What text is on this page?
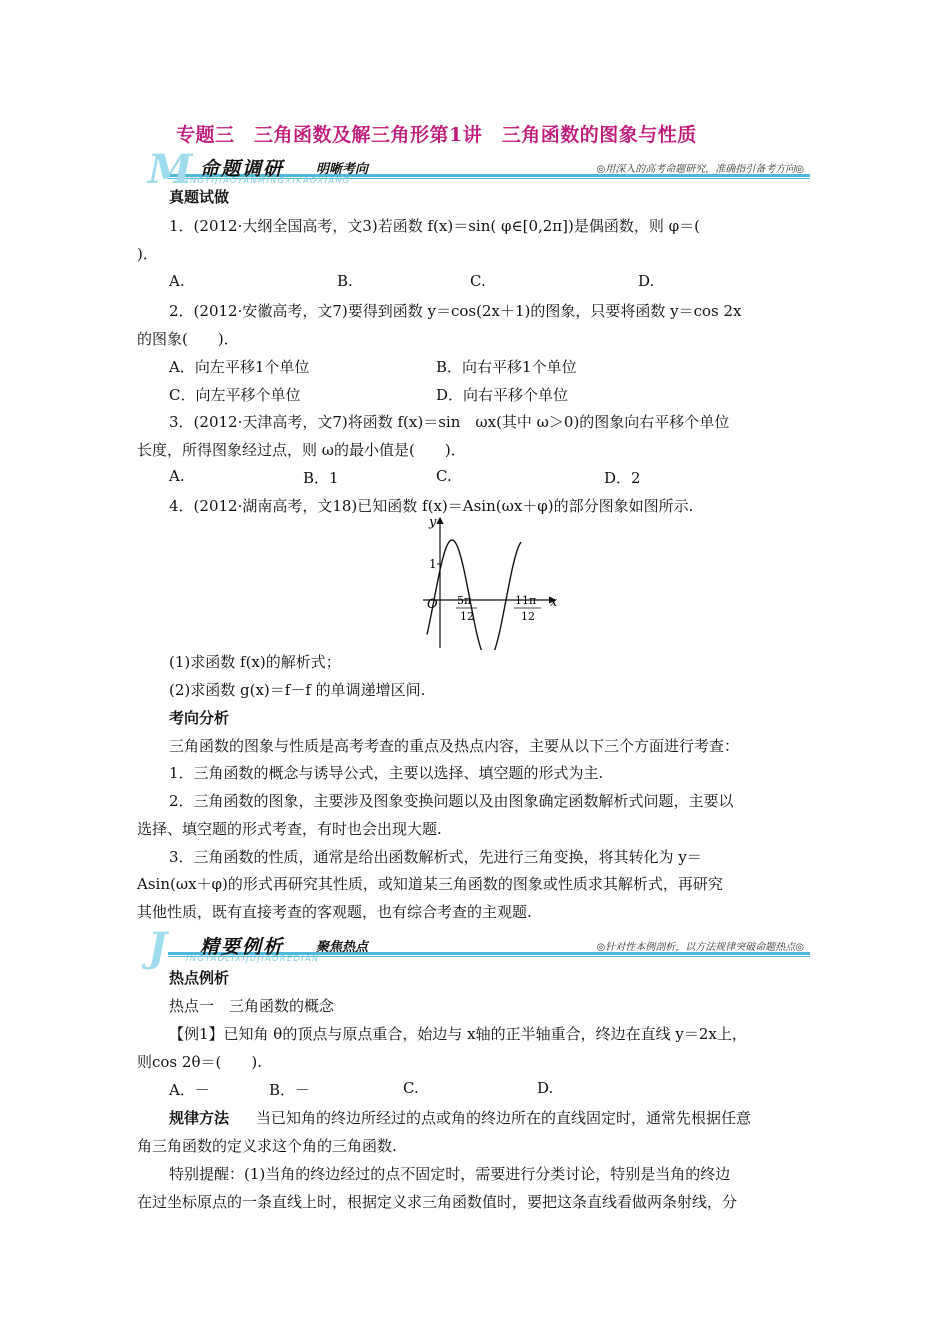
专题三　三角函数及解三角形第1讲　三角函数的图象与性质
M 命题调研 明晰考向
INGTIJIAOYANMINGXIKAOXIANG
◎用深入的高考命题研究，准确指引备考方向◎
真题试做
1．(2012·大纲全国高考，文3)若函数 f(x)＝sin( φ∈[0,2π])是偶函数，则 φ＝(
)．
A.	B.	C.	D.
2．(2012·安徽高考，文7)要得到函数 y＝cos(2x＋1)的图象，只要将函数 y＝cos 2x
的图象(　　)．
A．向左平移1个单位	B．向右平移1个单位
C．向左平移个单位	D．向右平移个单位
3．(2012·天津高考，文7)将函数 f(x)＝sin　ωx(其中 ω＞0)的图象向右平移个单位
长度，所得图象经过点，则 ω的最小值是(　　)．
A.	B．1	C.	D．2
4．(2012·湖南高考，文18)已知函数 f(x)＝Asin(ωx＋φ)的部分图象如图所示.
y
x
O
1
5π
12
11π
12
(1)求函数 f(x)的解析式；
(2)求函数 g(x)＝f－f 的单调递增区间.
考向分析
三角函数的图象与性质是高考考查的重点及热点内容，主要从以下三个方面进行考查：
1．三角函数的概念与诱导公式，主要以选择、填空题的形式为主.
2．三角函数的图象，主要涉及图象变换问题以及由图象确定函数解析式问题，主要以
选择、填空题的形式考查，有时也会出现大题.
3．三角函数的性质，通常是给出函数解析式，先进行三角变换，将其转化为 y＝
Asin(ωx＋φ)的形式再研究其性质，或知道某三角函数的图象或性质求其解析式，再研究
其他性质，既有直接考查的客观题，也有综合考查的主观题.
J 精要例析 聚焦热点
INGYAOLIXIJUJIAOREDIAN
◎针对性本例剖析，以方法规律突破命题热点◎
热点例析
热点一　三角函数的概念
【例1】已知角 θ的顶点与原点重合，始边与 x轴的正半轴重合，终边在直线 y＝2x上，
则cos 2θ＝(　　).
A．－	B．－	C.	D.
规律方法 当已知角的终边所经过的点或角的终边所在的直线固定时，通常先根据任意
角三角函数的定义求这个角的三角函数.
特别提醒：(1)当角的终边经过的点不固定时，需要进行分类讨论，特别是当角的终边
在过坐标原点的一条直线上时，根据定义求三角函数值时，要把这条直线看做两条射线，分
